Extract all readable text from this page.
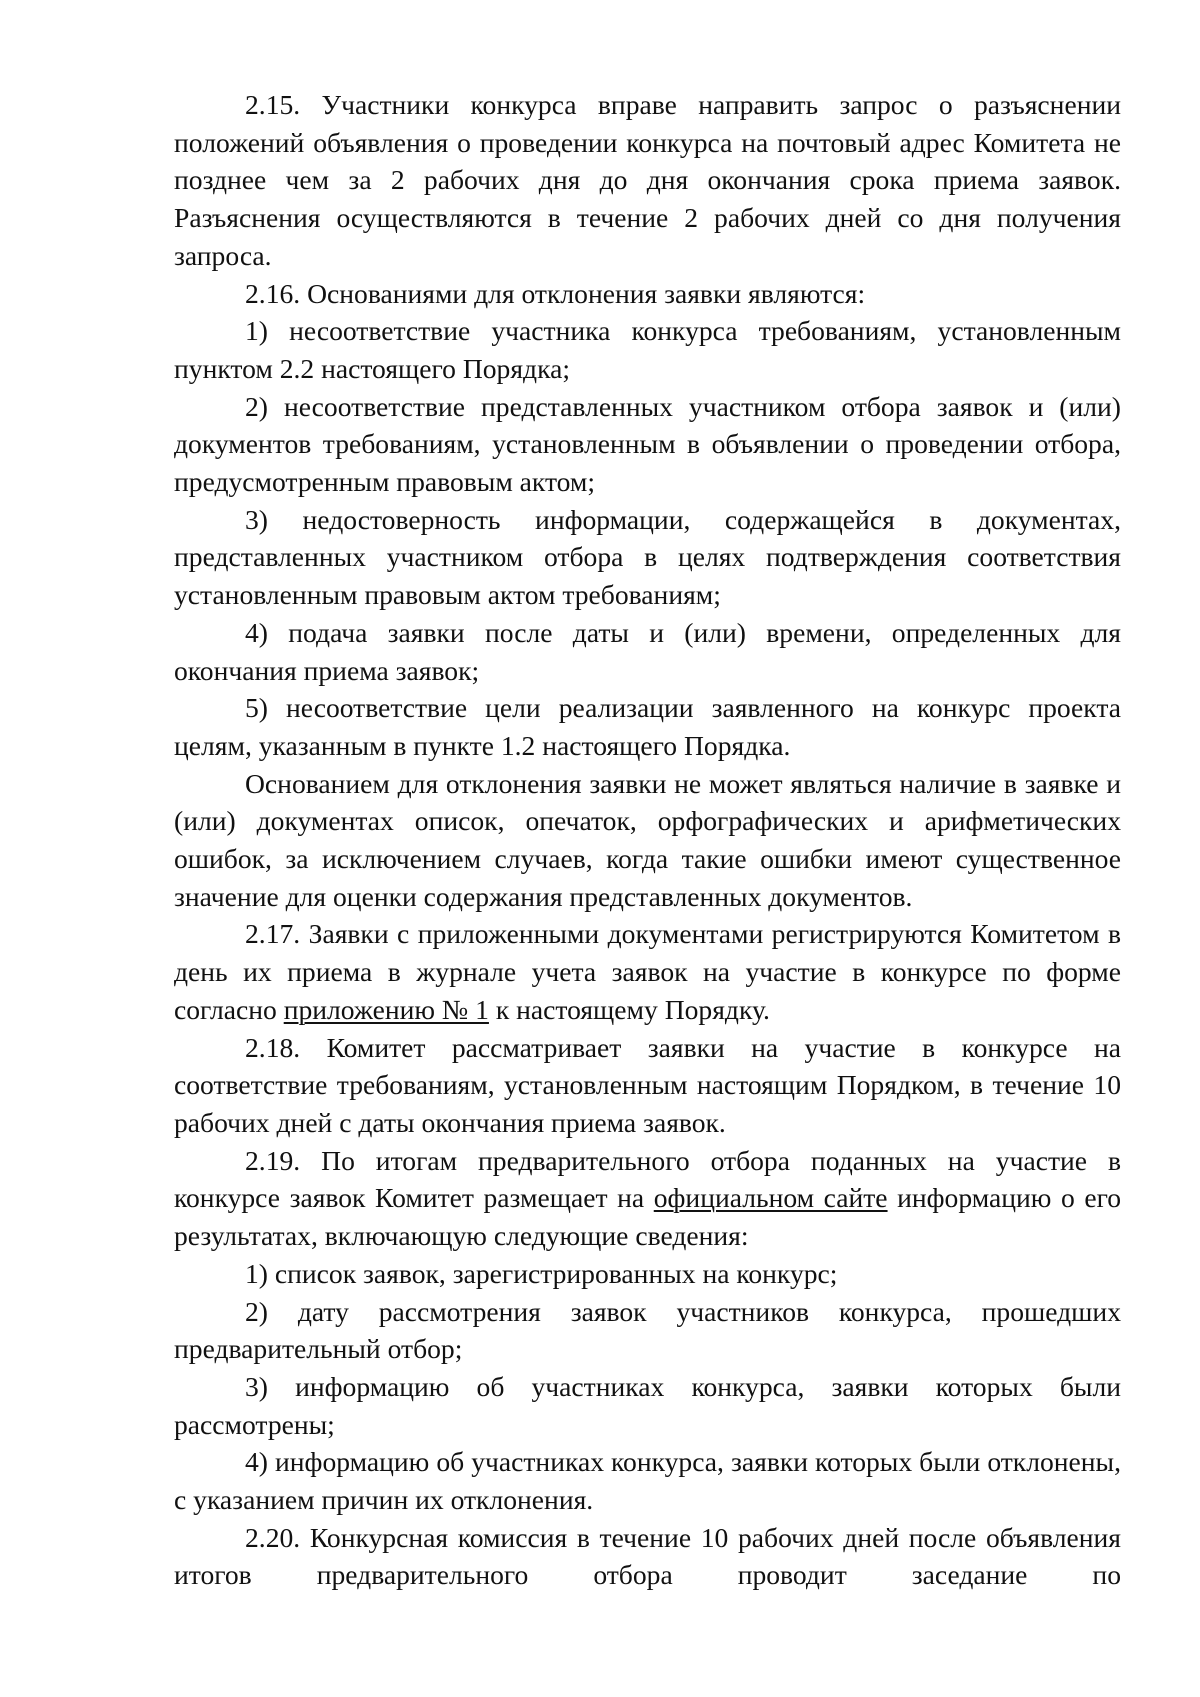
2.15. Участники конкурса вправе направить запрос о разъяснении положений объявления о проведении конкурса на почтовый адрес Комитета не позднее чем за 2 рабочих дня до дня окончания срока приема заявок. Разъяснения осуществляются в течение 2 рабочих дней со дня получения запроса.

2.16. Основаниями для отклонения заявки являются:

1) несоответствие участника конкурса требованиям, установленным пунктом 2.2 настоящего Порядка;

2) несоответствие представленных участником отбора заявок и (или) документов требованиям, установленным в объявлении о проведении отбора, предусмотренным правовым актом;

3) недостоверность информации, содержащейся в документах, представленных участником отбора в целях подтверждения соответствия установленным правовым актом требованиям;

4) подача заявки после даты и (или) времени, определенных для окончания приема заявок;

5) несоответствие цели реализации заявленного на конкурс проекта целям, указанным в пункте 1.2 настоящего Порядка.

Основанием для отклонения заявки не может являться наличие в заявке и (или) документах описок, опечаток, орфографических и арифметических ошибок, за исключением случаев, когда такие ошибки имеют существенное значение для оценки содержания представленных документов.

2.17. Заявки с приложенными документами регистрируются Комитетом в день их приема в журнале учета заявок на участие в конкурсе по форме согласно приложению № 1 к настоящему Порядку.

2.18. Комитет рассматривает заявки на участие в конкурсе на соответствие требованиям, установленным настоящим Порядком, в течение 10 рабочих дней с даты окончания приема заявок.

2.19. По итогам предварительного отбора поданных на участие в конкурсе заявок Комитет размещает на официальном сайте информацию о его результатах, включающую следующие сведения:

1) список заявок, зарегистрированных на конкурс;

2) дату рассмотрения заявок участников конкурса, прошедших предварительный отбор;

3) информацию об участниках конкурса, заявки которых были рассмотрены;

4) информацию об участниках конкурса, заявки которых были отклонены, с указанием причин их отклонения.

2.20. Конкурсная комиссия в течение 10 рабочих дней после объявления итогов предварительного отбора проводит заседание по
